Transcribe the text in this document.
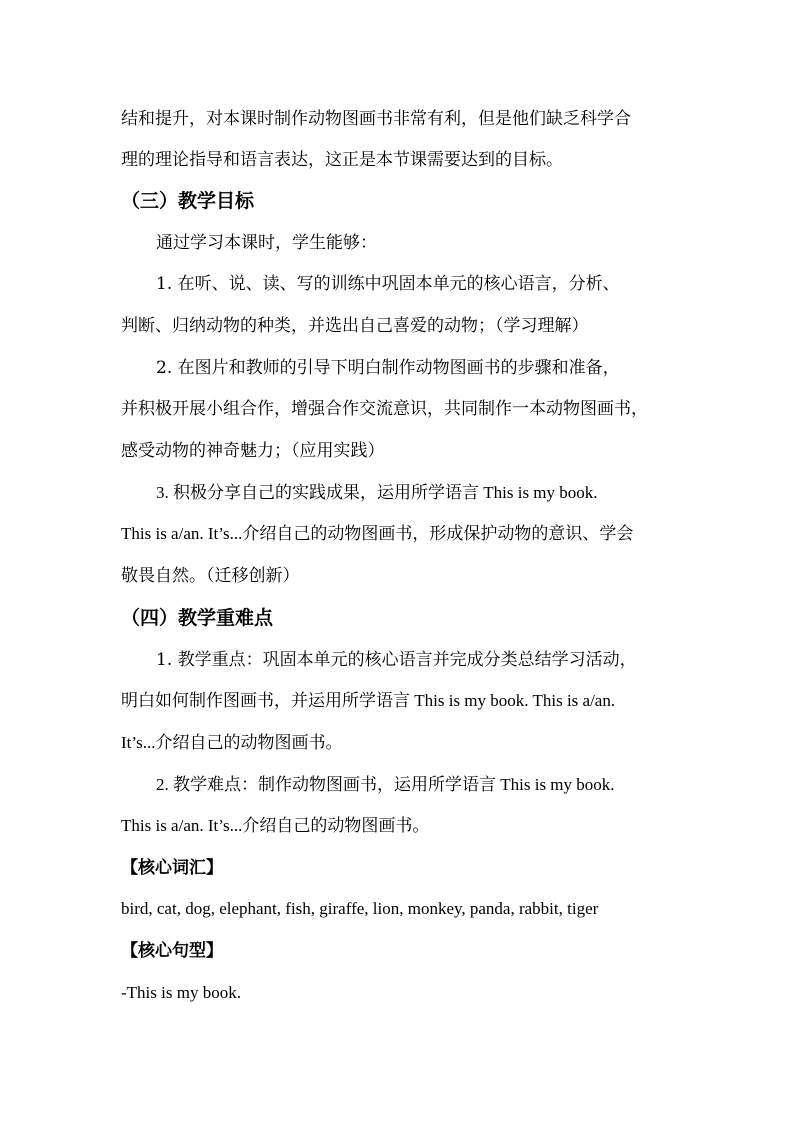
结和提升，对本课时制作动物图画书非常有利，但是他们缺乏科学合
理的理论指导和语言表达，这正是本节课需要达到的目标。
（三）教学目标
通过学习本课时，学生能够：
1. 在听、说、读、写的训练中巩固本单元的核心语言，分析、
判断、归纳动物的种类，并选出自己喜爱的动物；（学习理解）
2. 在图片和教师的引导下明白制作动物图画书的步骤和准备，
并积极开展小组合作，增强合作交流意识，共同制作一本动物图画书，
感受动物的神奇魅力；（应用实践）
3. 积极分享自己的实践成果，运用所学语言 This is my book.
This is a/an. It’s...介绍自己的动物图画书，形成保护动物的意识、学会
敬畏自然。（迁移创新）
（四）教学重难点
1. 教学重点：巩固本单元的核心语言并完成分类总结学习活动，
明白如何制作图画书，并运用所学语言 This is my book. This is a/an.
It’s...介绍自己的动物图画书。
2. 教学难点：制作动物图画书，运用所学语言 This is my book.
This is a/an. It’s...介绍自己的动物图画书。
【核心词汇】
bird, cat, dog, elephant, fish, giraffe, lion, monkey, panda, rabbit, tiger
【核心句型】
-This is my book.
